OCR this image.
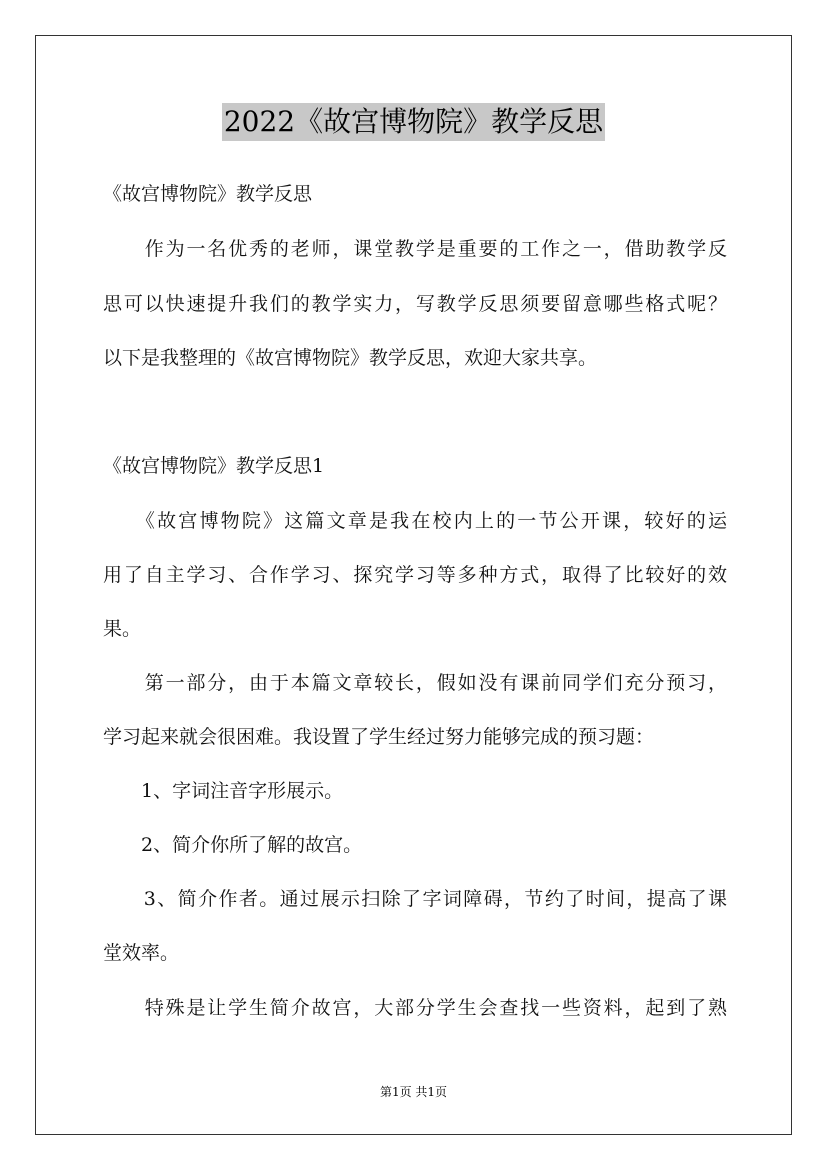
2022《故宫博物院》教学反思
《故宫博物院》教学反思
　　作为一名优秀的老师，课堂教学是重要的工作之一，借助教学反
思可以快速提升我们的教学实力，写教学反思须要留意哪些格式呢？
以下是我整理的《故宫博物院》教学反思，欢迎大家共享。
《故宫博物院》教学反思1
　　《故宫博物院》这篇文章是我在校内上的一节公开课，较好的运
用了自主学习、合作学习、探究学习等多种方式，取得了比较好的效
果。
　　第一部分，由于本篇文章较长，假如没有课前同学们充分预习，
学习起来就会很困难。我设置了学生经过努力能够完成的预习题：
　　1、字词注音字形展示。
　　2、简介你所了解的故宫。
　　3、简介作者。通过展示扫除了字词障碍，节约了时间，提高了课
堂效率。
　　特殊是让学生简介故宫，大部分学生会查找一些资料，起到了熟
第1页 共1页
